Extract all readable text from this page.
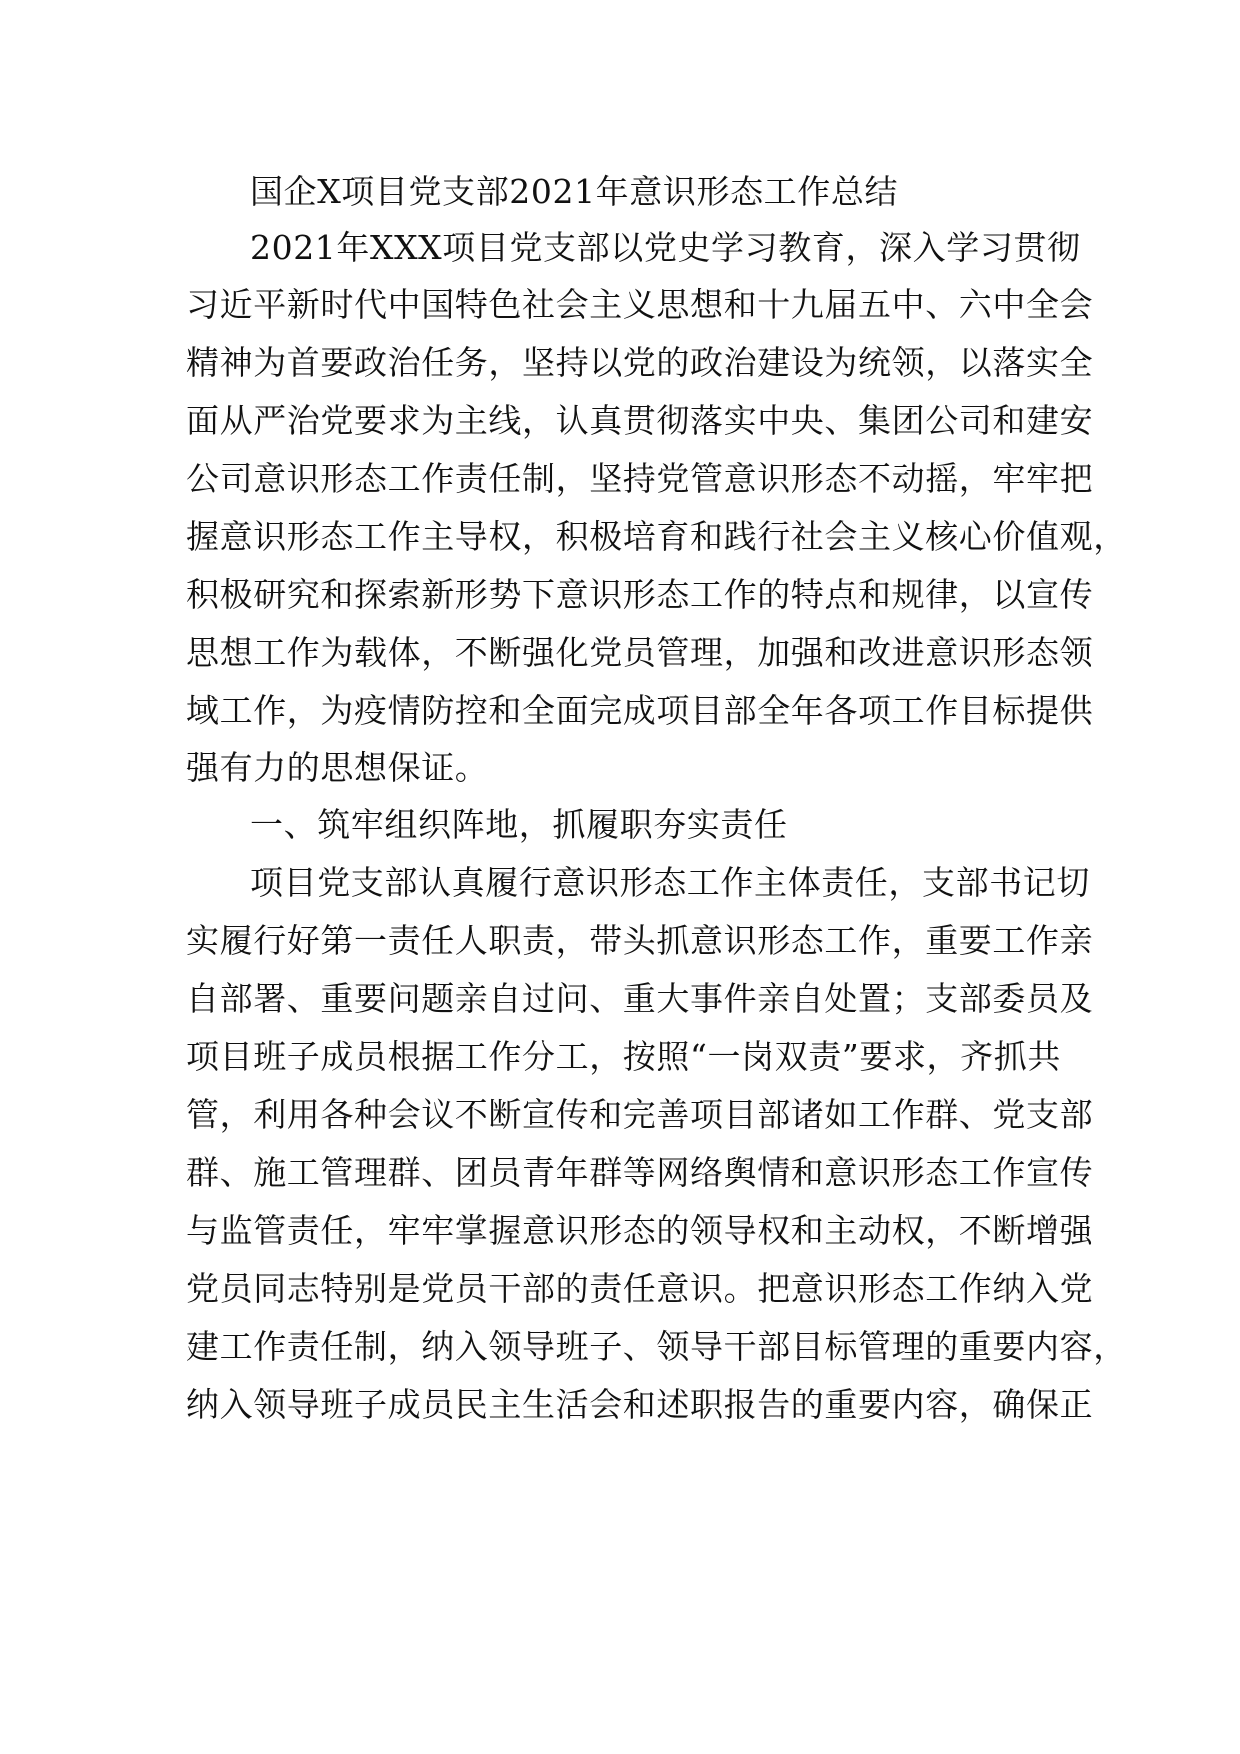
国企X项目党支部2021年意识形态工作总结
2021年XXX项目党支部以党史学习教育，深入学习贯彻
习近平新时代中国特色社会主义思想和十九届五中、六中全会
精神为首要政治任务，坚持以党的政治建设为统领，以落实全
面从严治党要求为主线，认真贯彻落实中央、集团公司和建安
公司意识形态工作责任制，坚持党管意识形态不动摇，牢牢把
握意识形态工作主导权，积极培育和践行社会主义核心价值观，
积极研究和探索新形势下意识形态工作的特点和规律，以宣传
思想工作为载体，不断强化党员管理，加强和改进意识形态领
域工作，为疫情防控和全面完成项目部全年各项工作目标提供
强有力的思想保证。
一、筑牢组织阵地，抓履职夯实责任
项目党支部认真履行意识形态工作主体责任，支部书记切
实履行好第一责任人职责，带头抓意识形态工作，重要工作亲
自部署、重要问题亲自过问、重大事件亲自处置；支部委员及
项目班子成员根据工作分工，按照“一岗双责”要求，齐抓共
管，利用各种会议不断宣传和完善项目部诸如工作群、党支部
群、施工管理群、团员青年群等网络舆情和意识形态工作宣传
与监管责任，牢牢掌握意识形态的领导权和主动权，不断增强
党员同志特别是党员干部的责任意识。把意识形态工作纳入党
建工作责任制，纳入领导班子、领导干部目标管理的重要内容，
纳入领导班子成员民主生活会和述职报告的重要内容，确保正
